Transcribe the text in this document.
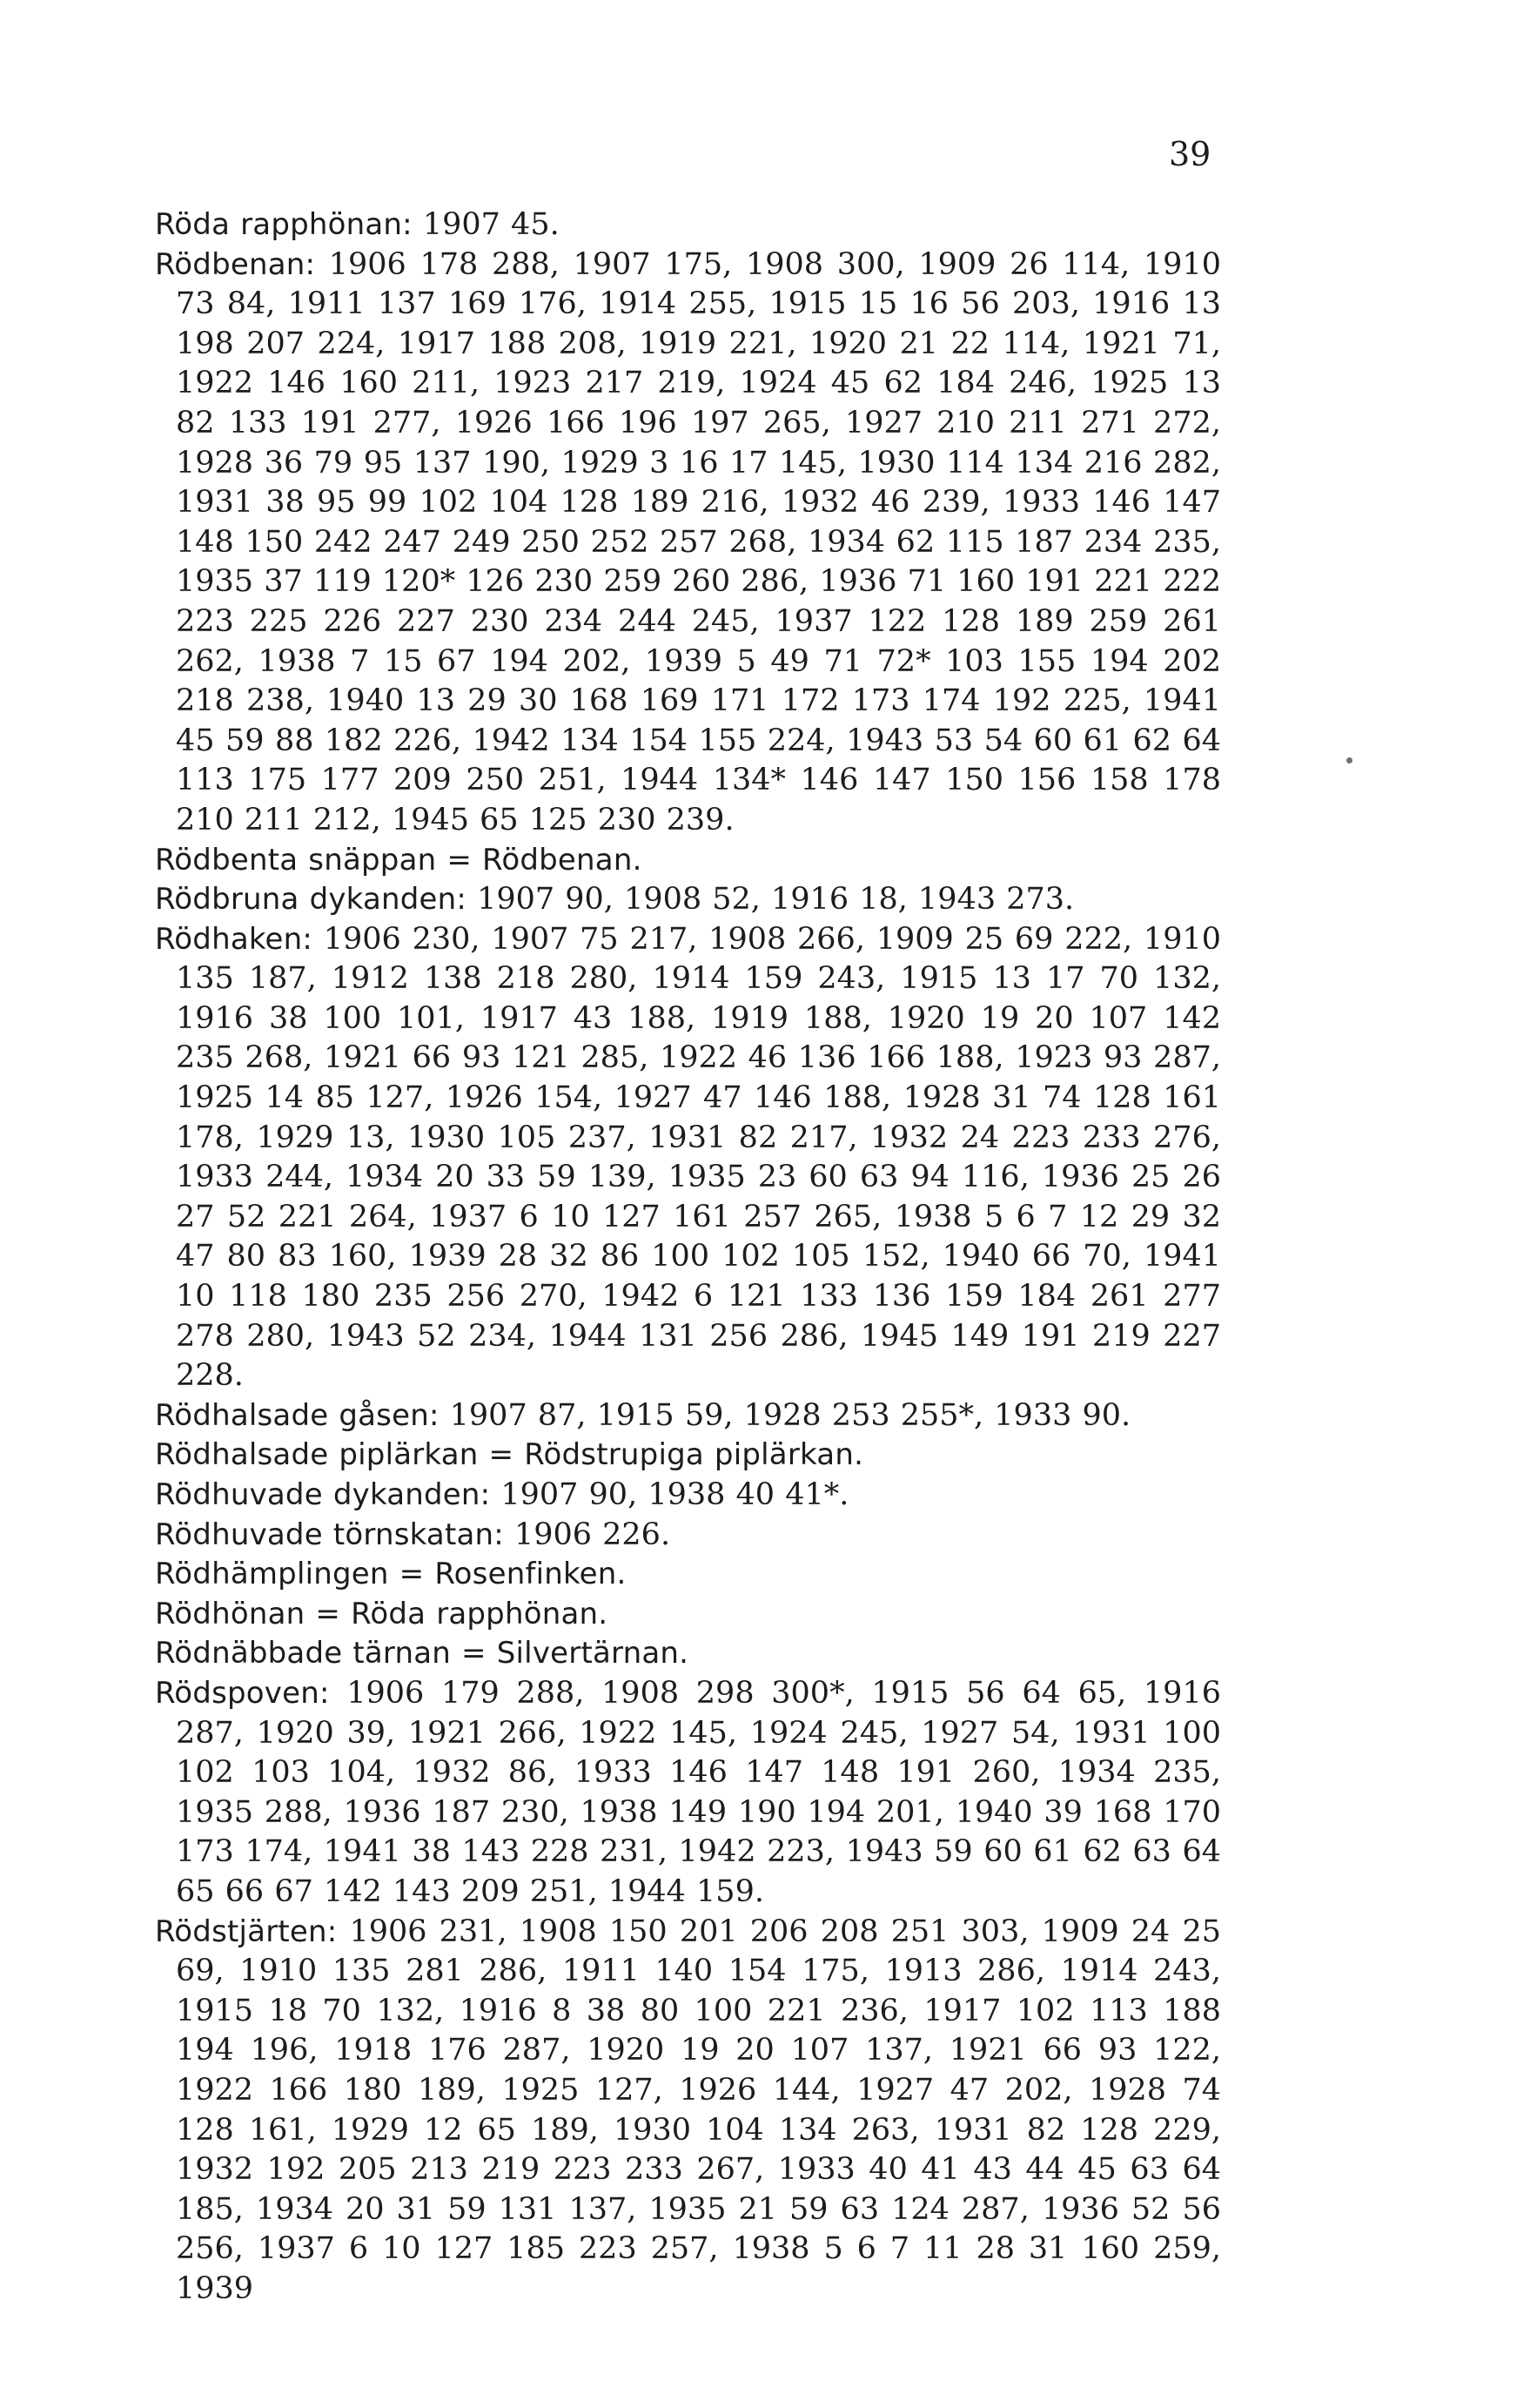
39
Röda rapphönan: 1907 45.
Rödbenan: 1906 178 288, 1907 175, 1908 300, 1909 26 114, 1910 73 84, 1911 137 169 176, 1914 255, 1915 15 16 56 203, 1916 13 198 207 224, 1917 188 208, 1919 221, 1920 21 22 114, 1921 71, 1922 146 160 211, 1923 217 219, 1924 45 62 184 246, 1925 13 82 133 191 277, 1926 166 196 197 265, 1927 210 211 271 272, 1928 36 79 95 137 190, 1929 3 16 17 145, 1930 114 134 216 282, 1931 38 95 99 102 104 128 189 216, 1932 46 239, 1933 146 147 148 150 242 247 249 250 252 257 268, 1934 62 115 187 234 235, 1935 37 119 120* 126 230 259 260 286, 1936 71 160 191 221 222 223 225 226 227 230 234 244 245, 1937 122 128 189 259 261 262, 1938 7 15 67 194 202, 1939 5 49 71 72* 103 155 194 202 218 238, 1940 13 29 30 168 169 171 172 173 174 192 225, 1941 45 59 88 182 226, 1942 134 154 155 224, 1943 53 54 60 61 62 64 113 175 177 209 250 251, 1944 134* 146 147 150 156 158 178 210 211 212, 1945 65 125 230 239.
Rödbenta snäppan = Rödbenan.
Rödbruna dykanden: 1907 90, 1908 52, 1916 18, 1943 273.
Rödhaken: 1906 230, 1907 75 217, 1908 266, 1909 25 69 222, 1910 135 187, 1912 138 218 280, 1914 159 243, 1915 13 17 70 132, 1916 38 100 101, 1917 43 188, 1919 188, 1920 19 20 107 142 235 268, 1921 66 93 121 285, 1922 46 136 166 188, 1923 93 287, 1925 14 85 127, 1926 154, 1927 47 146 188, 1928 31 74 128 161 178, 1929 13, 1930 105 237, 1931 82 217, 1932 24 223 233 276, 1933 244, 1934 20 33 59 139, 1935 23 60 63 94 116, 1936 25 26 27 52 221 264, 1937 6 10 127 161 257 265, 1938 5 6 7 12 29 32 47 80 83 160, 1939 28 32 86 100 102 105 152, 1940 66 70, 1941 10 118 180 235 256 270, 1942 6 121 133 136 159 184 261 277 278 280, 1943 52 234, 1944 131 256 286, 1945 149 191 219 227 228.
Rödhalsade gåsen: 1907 87, 1915 59, 1928 253 255*, 1933 90.
Rödhalsade piplärkan = Rödstrupiga piplärkan.
Rödhuvade dykanden: 1907 90, 1938 40 41*.
Rödhuvade törnskatan: 1906 226.
Rödhämplingen = Rosenfinken.
Rödhönan = Röda rapphönan.
Rödnäbbade tärnan = Silvertärnan.
Rödspoven: 1906 179 288, 1908 298 300*, 1915 56 64 65, 1916 287, 1920 39, 1921 266, 1922 145, 1924 245, 1927 54, 1931 100 102 103 104, 1932 86, 1933 146 147 148 191 260, 1934 235, 1935 288, 1936 187 230, 1938 149 190 194 201, 1940 39 168 170 173 174, 1941 38 143 228 231, 1942 223, 1943 59 60 61 62 63 64 65 66 67 142 143 209 251, 1944 159.
Rödstjärten: 1906 231, 1908 150 201 206 208 251 303, 1909 24 25 69, 1910 135 281 286, 1911 140 154 175, 1913 286, 1914 243, 1915 18 70 132, 1916 8 38 80 100 221 236, 1917 102 113 188 194 196, 1918 176 287, 1920 19 20 107 137, 1921 66 93 122, 1922 166 180 189, 1925 127, 1926 144, 1927 47 202, 1928 74 128 161, 1929 12 65 189, 1930 104 134 263, 1931 82 128 229, 1932 192 205 213 219 223 233 267, 1933 40 41 43 44 45 63 64 185, 1934 20 31 59 131 137, 1935 21 59 63 124 287, 1936 52 56 256, 1937 6 10 127 185 223 257, 1938 5 6 7 11 28 31 160 259, 1939
